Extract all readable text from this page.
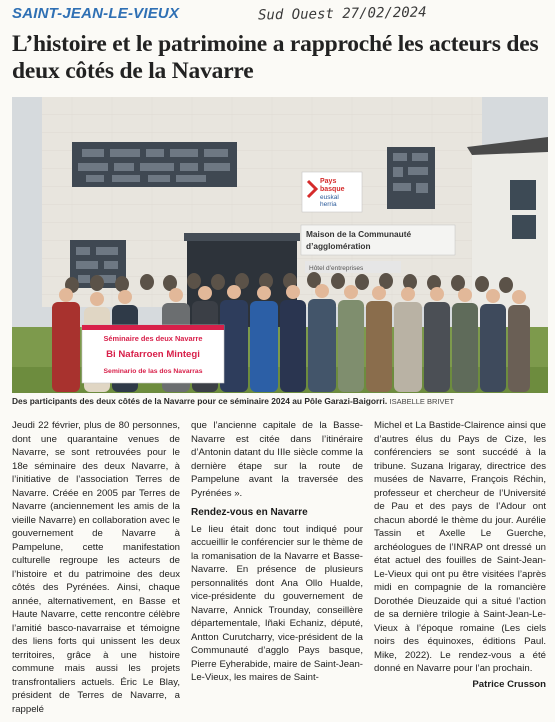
SAINT-JEAN-LE-VIEUX	Sud Ouest 27/02/2024
L’histoire et le patrimoine a rapproché les acteurs des deux côtés de la Navarre
Pays
basque
euskal
herria
Maison de la Communauté
d’agglomération
Hôtel d’entreprises
Séminaire des deux Navarre
Bi Nafarroen Mintegi
Seminario de las dos Navarras
Des participants des deux côtés de la Navarre pour ce séminaire 2024 au Pôle Garazi-Baigorri. ISABELLE BRIVET

Jeudi 22 février, plus de 80 personnes, dont une quarantaine venues de Navarre, se sont retrouvées pour le 18e séminaire des deux Navarre, à l’initiative de l’association Terres de Navarre. Créée en 2005 par Terres de Navarre (anciennement les amis de la vieille Navarre) en collaboration avec le gouvernement de Navarre à Pampelune, cette manifestation culturelle regroupe les acteurs de l’histoire et du patrimoine des deux côtés des Pyrénées. Ainsi, chaque année, alternativement, en Basse et Haute Navarre, cette rencontre célèbre l’amitié basco-navarraise et témoigne des liens forts qui unissent les deux territoires, grâce à une histoire commune mais aussi les projets transfrontaliers actuels. Éric Le Blay, président de Terres de Navarre, a rappelé

que l’ancienne capitale de la Basse-Navarre est citée dans l’itinéraire d’Antonin datant du IIIe siècle comme la dernière étape sur la route de Pampelune avant la traversée des Pyrénées ».

Rendez-vous en Navarre

Le lieu était donc tout indiqué pour accueillir le conférencier sur le thème de la romanisation de la Navarre et Basse-Navarre. En présence de plusieurs personnalités dont Ana Ollo Hualde, vice-présidente du gouvernement de Navarre, Annick Trounday, conseillère départementale, Iñaki Echaniz, député, Antton Curutcharry, vice-président de la Communauté d’agglo Pays basque, Pierre Eyherabide, maire de Saint-Jean-Le-Vieux, les maires de Saint-

Michel et La Bastide-Clairence ainsi que d’autres élus du Pays de Cize, les conférenciers se sont succédé à la tribune. Suzana Irigaray, directrice des musées de Navarre, François Réchin, professeur et chercheur de l’Université de Pau et des pays de l’Adour ont chacun abordé le thème du jour. Aurélie Tassin et Axelle Le Guerche, archéologues de l’INRAP ont dressé un état actuel des fouilles de Saint-Jean-Le-Vieux qui ont pu être visitées l’après midi en compagnie de la romancière Dorothée Dieuzaide qui a situé l’action de sa dernière trilogie à Saint-Jean-Le-Vieux à l’époque romaine (Les ciels noirs des équinoxes, éditions Paul. Mike, 2022). Le rendez-vous a été donné en Navarre pour l’an prochain.

Patrice Crusson
